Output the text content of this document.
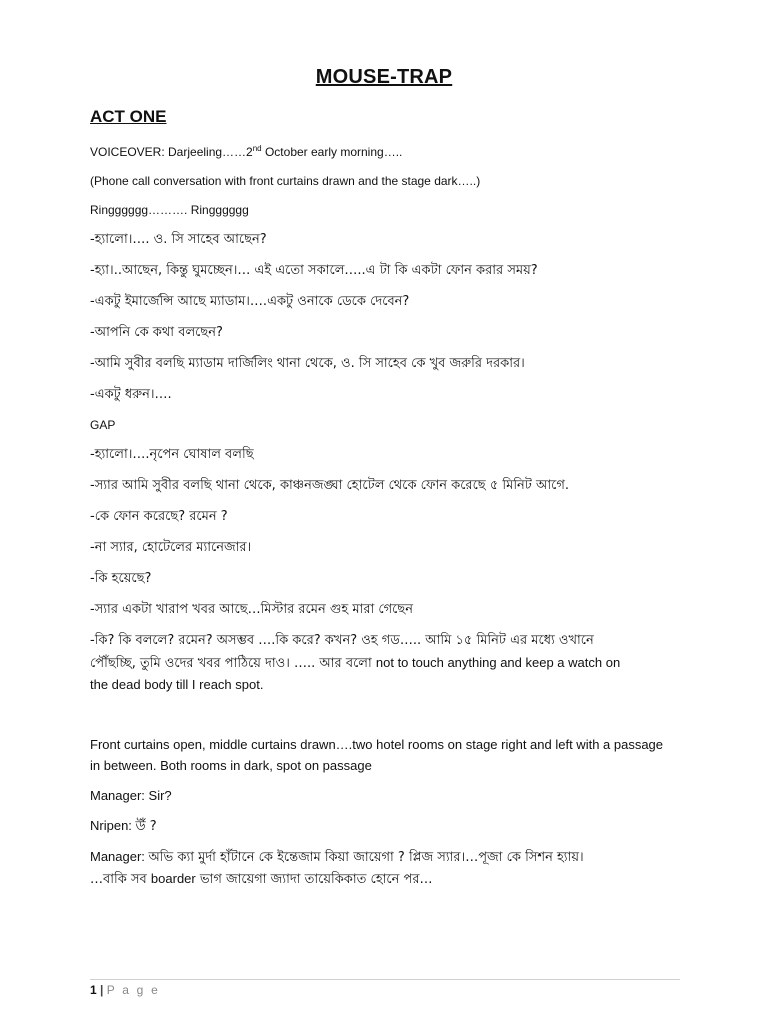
MOUSE-TRAP
ACT ONE
VOICEOVER: Darjeeling……2nd October early morning…..
(Phone call conversation with front curtains drawn and the stage dark…..)
Ringggggg………. Ringggggg
-হ্যালো।…. ও. সি সাহেব আছেন?
-হ্যা।..আছেন, কিন্তু ঘুমচ্ছেন।… এই এতো সকালে…..এ টা কি একটা ফোন করার সময়?
-একটু ইমার্জেন্সি আছে ম্যাডাম।….একটু ওনাকে ডেকে দেবেন?
-আপনি কে কথা বলছেন?
-আমি সুবীর বলছি ম্যাডাম দার্জিলিং থানা থেকে, ও. সি সাহেব কে খুব জরুরি দরকার।
-একটু ধরুন।….
GAP
-হ্যালো।….নৃপেন ঘোষাল বলছি
-স্যার আমি সুবীর বলছি থানা থেকে, কাঞ্চনজঙ্ঘা হোটেল থেকে ফোন করেছে ৫ মিনিট আগে.
-কে ফোন করেছে? রমেন ?
-না স্যার, হোটেলের ম্যানেজার।
-কি হয়েছে?
-স্যার একটা খারাপ খবর আছে…মিস্টার রমেন গুহ মারা গেছেন
-কি? কি বললে? রমেন? অসম্ভব ….কি করে? কখন? ওহ গড….. আমি ১৫ মিনিট এর মধ্যে ওখানে
পৌঁছচ্ছি, তুমি ওদের খবর পাঠিয়ে দাও। ….. আর বলো not to touch anything and keep a watch on
the dead body till I reach spot.
Front curtains open, middle curtains drawn….two hotel rooms on stage right and left with a passage in between. Both rooms in dark, spot on passage
Manager: Sir?
Nripen: উঁ ?
Manager: অভি ক্যা মুর্দা হাঁটানে কে ইন্তেজাম কিয়া জায়েগা ? প্লিজ স্যার।…পূজা কে সিশন হ্যায়।
…বাকি সব boarder ভাগ জায়েগা জ্যাদা তায়েকিকাত হোনে পর…
1 | P a g e
